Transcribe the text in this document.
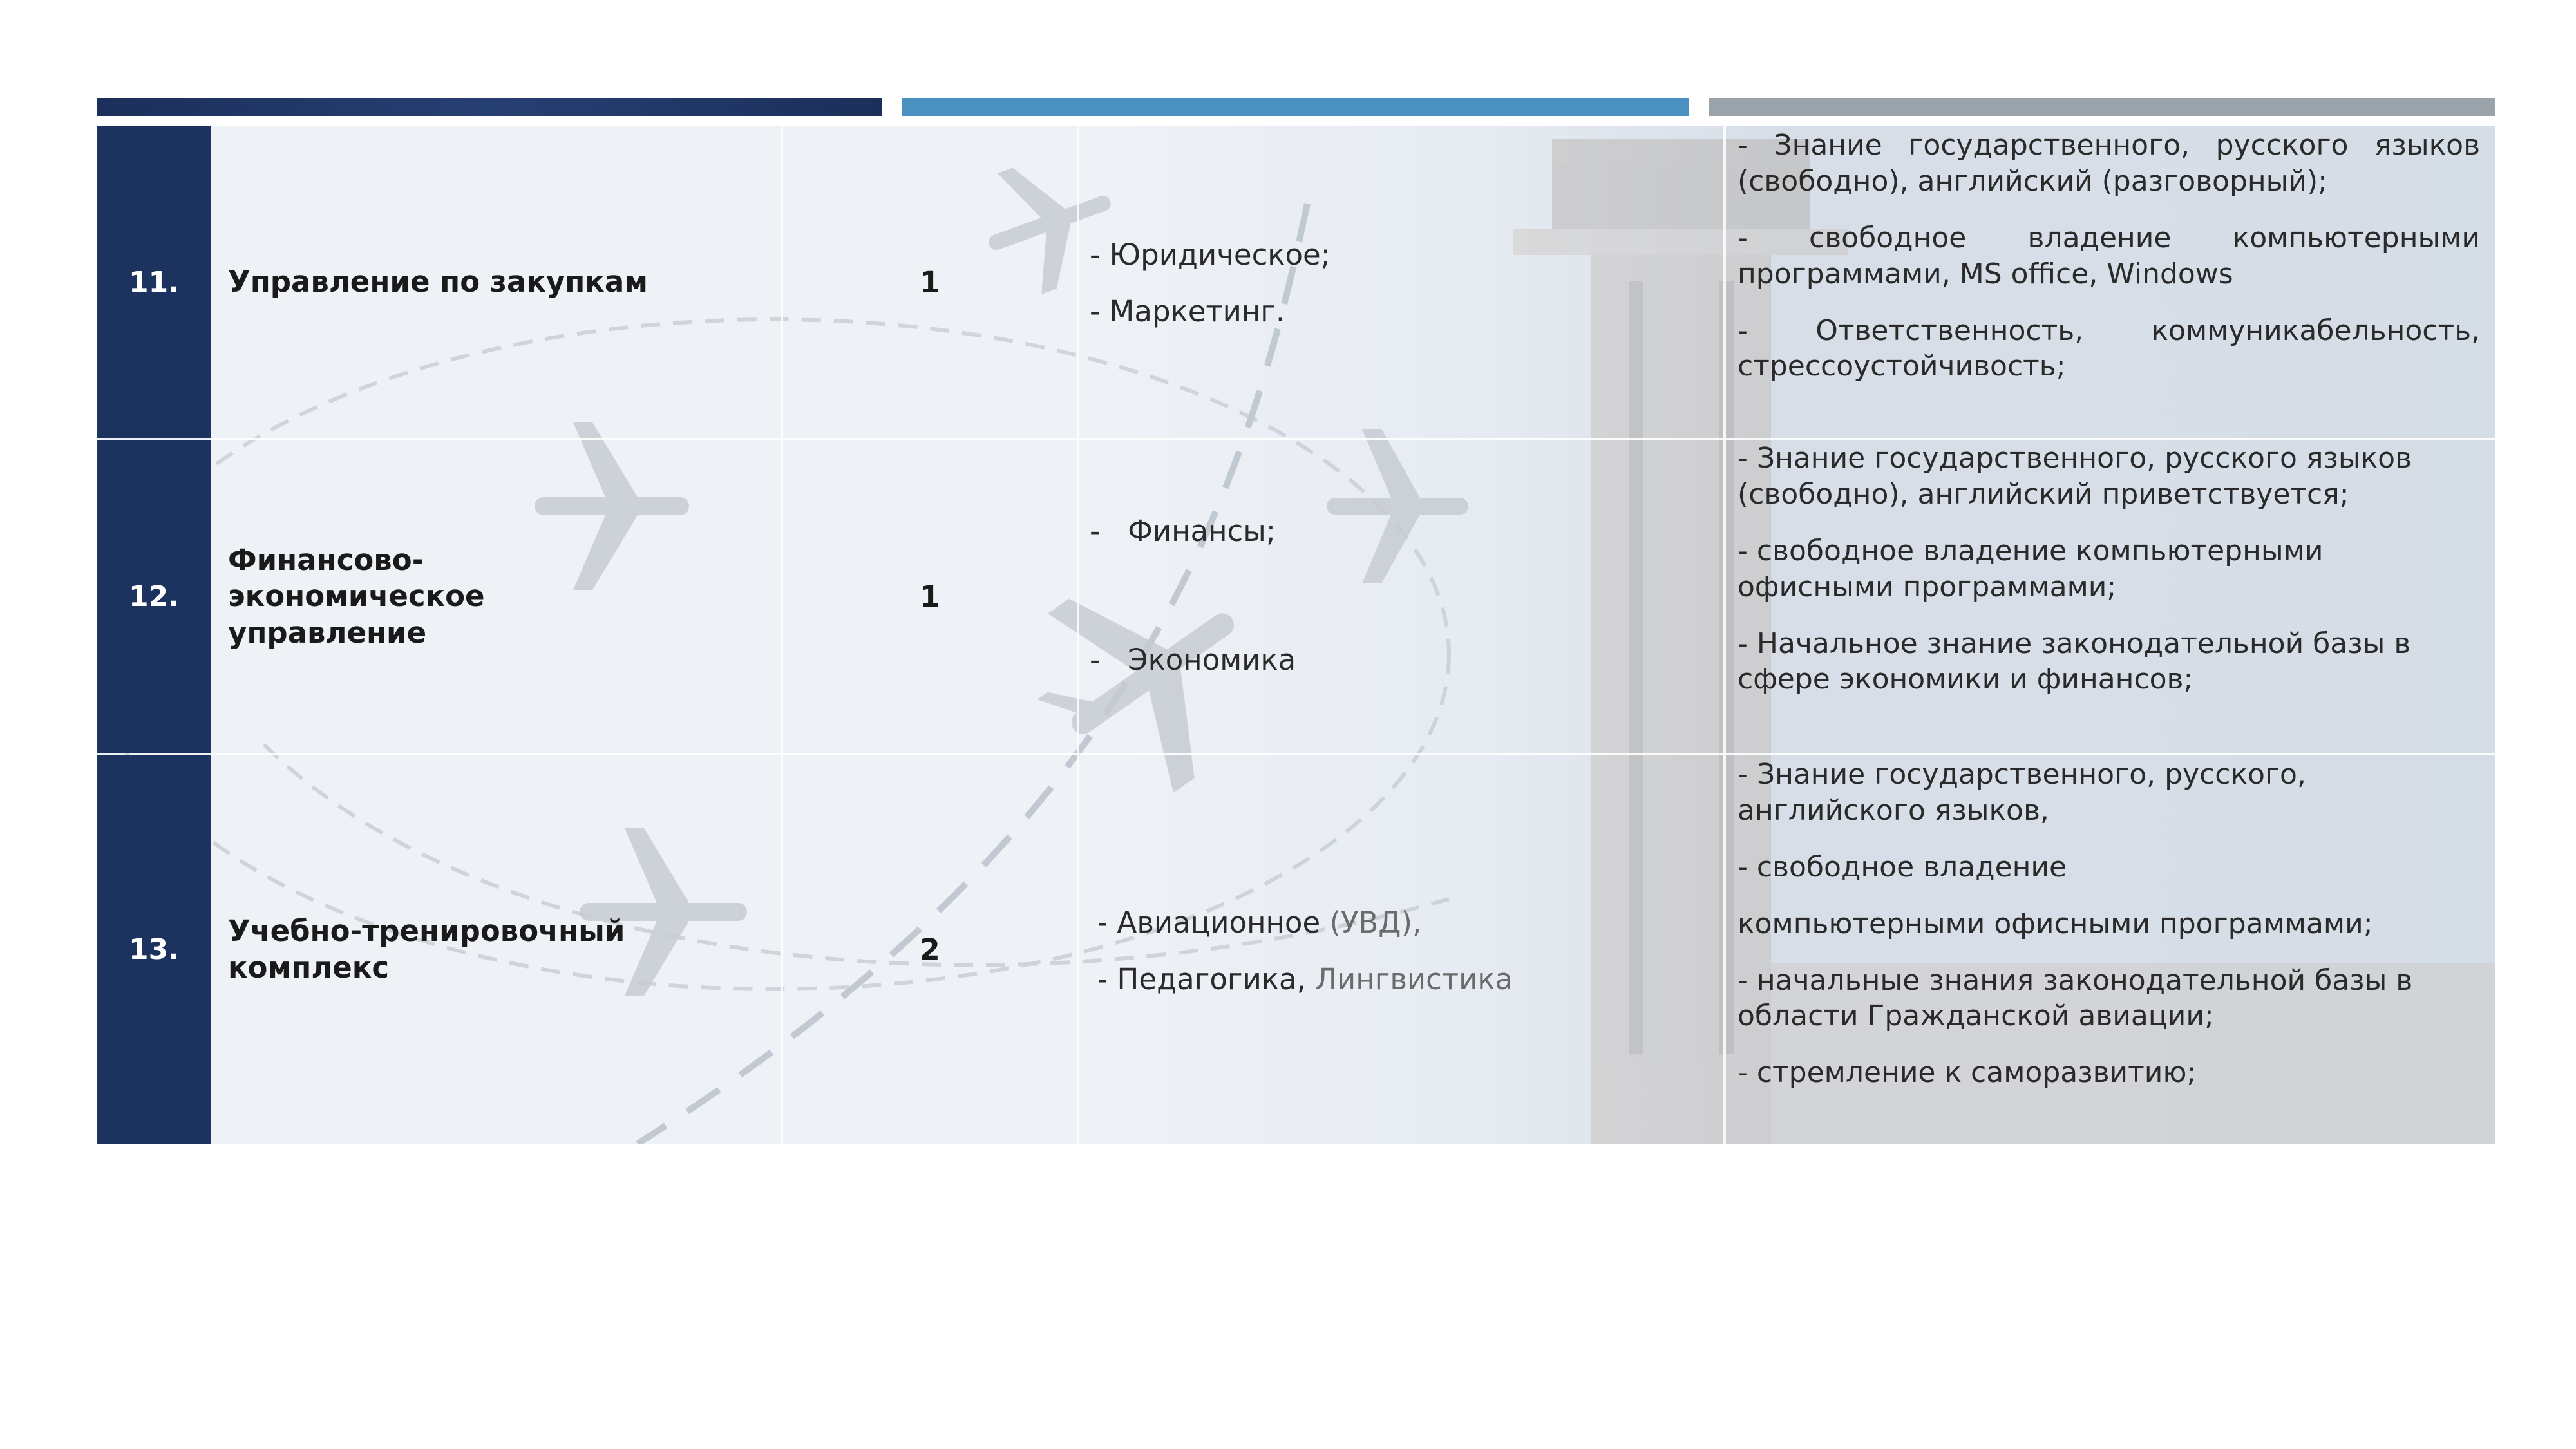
11.	Управление по закупкам	1

- Юридическое;

- Маркетинг.

- Знание государственного, русского языков (свободно), английский (разговорный);

- свободное владение компьютерными программами, MS office, Windows

- Ответственность, коммуникабельность, стрессоустойчивость;

12.
Финансово-экономическое управление
1

-   Финансы;

-   Экономика

- Знание государственного, русского языков (свободно), английский приветствуется;

- свободное владение компьютерными офисными программами;

- Начальное знание законодательной базы в сфере экономики и финансов;

13.
Учебно-тренировочный комплекс
2

- Авиационное (УВД),

- Педагогика, Лингвистика

- Знание государственного, русского, английского языков,

- свободное владение

компьютерными офисными программами;

- начальные знания законодательной базы в области Гражданской авиации;

- стремление к саморазвитию;
